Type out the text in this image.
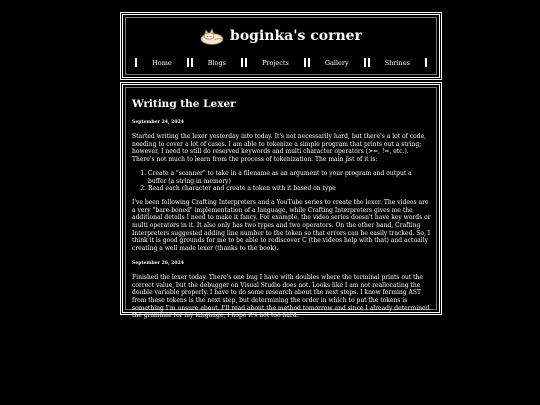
boginka's corner
Home	Blogs	Projects	Gallery	Shrines
Writing the Lexer
September 24, 2024

Started writing the lexer yesterday into today. It's not necessarily hard, but there's a lot of code, needing to cover a lot of cases. I am able to tokenize a simple program that prints out a string; however, I need to still do reserved keywords and multi character operators (>=, !=, etc.). There's not much to learn from the process of tokenization. The main jist of it is:

1. Create a "scanner" to take in a filename as an argument to your program and output a buffer (a string in memory)
2. Read each character and create a token with it based on type

I've been following Crafting Interpreters and a YouTube series to create the lexer. The videos are a very "bare-boned" implementation of a language, while Crafting Interpreters gives me the additional details I need to make it fancy. For example, the video series doesn't have key words or multi operators in it. It also only has two types and two operators. On the other hand, Crafting Interpreters suggested adding line number to the token so that errors can be easily tracked. So, I think it is good grounds for me to be able to rediscover C (the videos help with that) and actually creating a well made lexer (thanks to the book).

September 26, 2024

Finished the lexer today. There's one bug I have with doubles where the terminal prints out the correct value, but the debugger on Visual Studio does not. Looks like I am not reallocating the double variable properly. I have to do some research about the next steps. I know forming AST from these tokens is the next step, but determining the order in which to put the tokens is something I'm unsure about. I'll read about the method tomorrow and since I already determined the grammar for my language, I hope it's not too hard.
